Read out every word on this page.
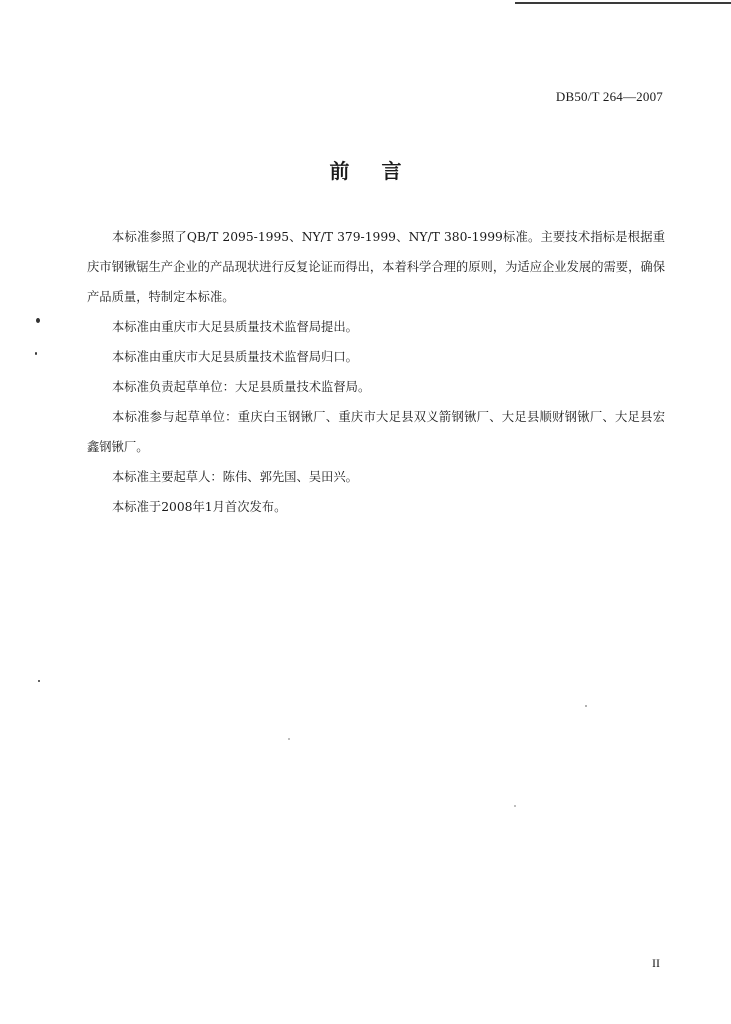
DB50/T 264—2007
前言

本标准参照了QB/T 2095-1995、NY/T 379-1999、NY/T 380-1999标准。主要技术指标是根据重庆市钢锹锯生产企业的产品现状进行反复论证而得出，本着科学合理的原则，为适应企业发展的需要，确保产品质量，特制定本标准。

本标准由重庆市大足县质量技术监督局提出。

本标准由重庆市大足县质量技术监督局归口。

本标准负责起草单位：大足县质量技术监督局。

本标准参与起草单位：重庆白玉钢锹厂、重庆市大足县双义箭钢锹厂、大足县顺财钢锹厂、大足县宏鑫钢锹厂。

本标准主要起草人：陈伟、郭先国、吴田兴。

本标准于2008年1月首次发布。

II
